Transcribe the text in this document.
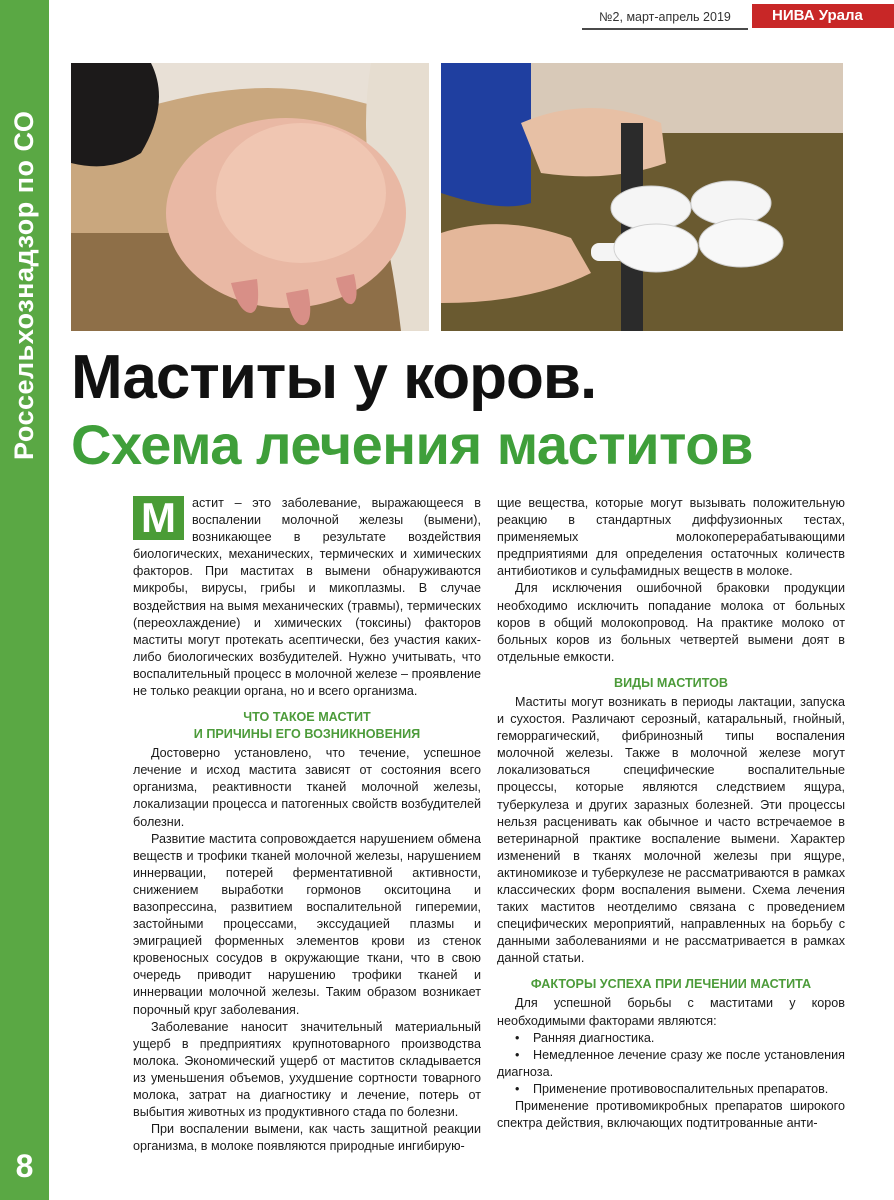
Россельхознадзор по СО
8
№2, март-апрель 2019	НИВА Урала
Маститы у коров.
Схема лечения маститов

М	астит – это заболевание, выражающееся в воспалении молочной железы (вымени), возникающее в результате воздействия биологических, механических, термических и химических факторов. При маститах в вымени обнаруживаются микробы, вирусы, грибы и микоплазмы. В случае воздействия на вымя механических (травмы), термических (переохлаждение) и химических (токсины) факторов маститы могут протекать асептически, без участия каких-либо биологических возбудителей. Нужно учитывать, что воспалительный процесс в молочной железе – проявление не только реакции органа, но и всего организма.

ЧТО ТАКОЕ МАСТИТ
И ПРИЧИНЫ ЕГО ВОЗНИКНОВЕНИЯ

Достоверно установлено, что течение, успешное лечение и исход мастита зависят от состояния всего организма, реактивности тканей молочной железы, локализации процесса и патогенных свойств возбудителей болезни.

Развитие мастита сопровождается нарушением обмена веществ и трофики тканей молочной железы, нарушением иннервации, потерей ферментативной активности, снижением выработки гормонов окситоцина и вазопрессина, развитием воспалительной гиперемии, застойными процессами, экссудацией плазмы и эмиграцией форменных элементов крови из стенок кровеносных сосудов в окружающие ткани, что в свою очередь приводит нарушению трофики тканей и иннервации молочной железы. Таким образом возникает порочный круг заболевания.

Заболевание наносит значительный материальный ущерб в предприятиях крупнотоварного производства молока. Экономический ущерб от маститов складывается из уменьшения объемов, ухудшение сортности товарного молока, затрат на диагностику и лечение, потерь от выбытия животных из продуктивного стада по болезни.

При воспалении вымени, как часть защитной реакции организма, в молоке появляются природные ингибирую-

щие вещества, которые могут вызывать положительную реакцию в стандартных диффузионных тестах, применяемых молокоперерабатывающими предприятиями для определения остаточных количеств антибиотиков и сульфамидных веществ в молоке.

Для исключения ошибочной браковки продукции необходимо исключить попадание молока от больных коров в общий молокопровод. На практике молоко от больных коров из больных четвертей вымени доят в отдельные емкости.

ВИДЫ МАСТИТОВ

Маститы могут возникать в периоды лактации, запуска и сухостоя. Различают серозный, катаральный, гнойный, геморрагический, фибринозный типы воспаления молочной железы. Также в молочной железе могут локализоваться специфические воспалительные процессы, которые являются следствием ящура, туберкулеза и других заразных болезней. Эти процессы нельзя расценивать как обычное и часто встречаемое в ветеринарной практике воспаление вымени. Характер изменений в тканях молочной железы при ящуре, актиномикозе и туберкулезе не рассматриваются в рамках классических форм воспаления вымени. Схема лечения таких маститов неотделимо связана с проведением специфических мероприятий, направленных на борьбу с данными заболеваниями и не рассматривается в рамках данной статьи.

ФАКТОРЫ УСПЕХА ПРИ ЛЕЧЕНИИ МАСТИТА

Для успешной борьбы с маститами у коров необходимыми факторами являются:

• Ранняя диагностика.
• Немедленное лечение сразу же после установления диагноза.
• Применение противовоспалительных препаратов.

Применение противомикробных препаратов широкого спектра действия, включающих подтитрованные анти-
